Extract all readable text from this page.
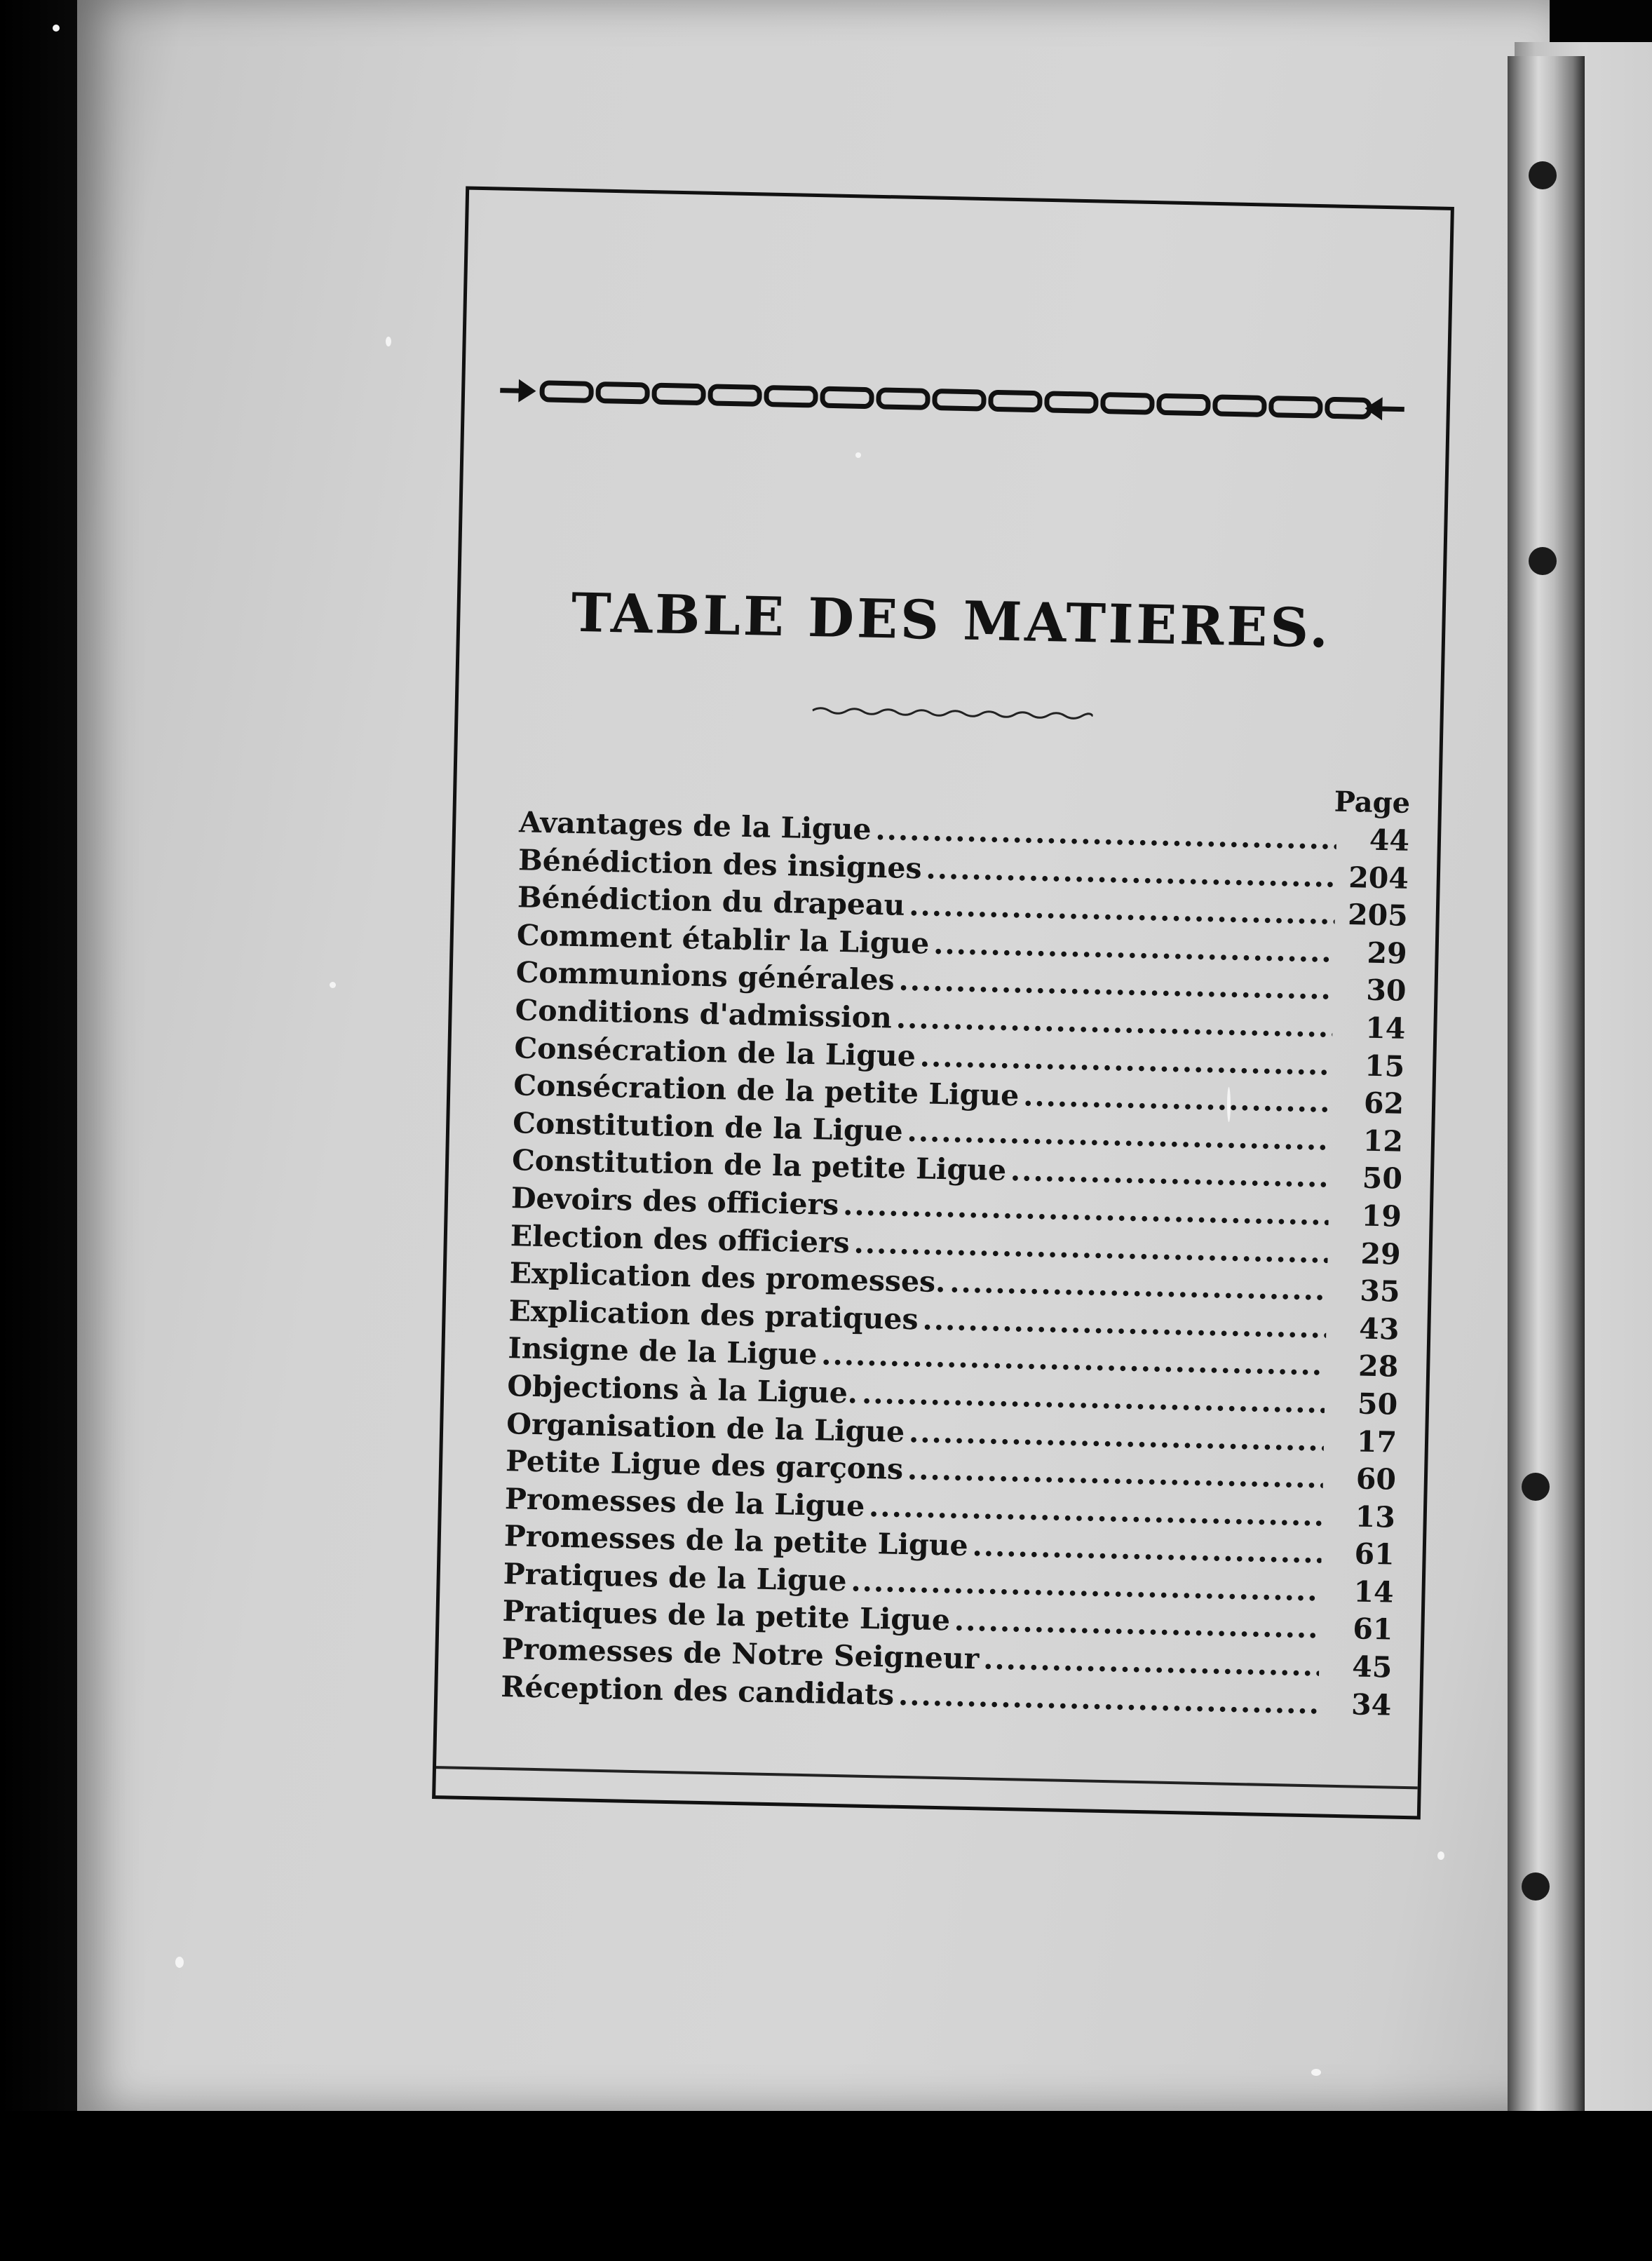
TABLE DES MATIERES.
Page
Avantages de la Ligue .....	44
Bénédiction des insignes .....	204
Bénédiction du drapeau .....	205
Comment établir la Ligue .....	29
Communions générales .....	30
Conditions d'admission .....	14
Consécration de la Ligue .....	15
Consécration de la petite Ligue .....	62
Constitution de la Ligue .....	12
Constitution de la petite Ligue .....	50
Devoirs des officiers .....	19
Election des officiers .....	29
Explication des promesses. .....	35
Explication des pratiques .....	43
Insigne de la Ligue .....	28
Objections à la Ligue. .....	50
Organisation de la Ligue .....	17
Petite Ligue des garçons .....	60
Promesses de la Ligue .....	13
Promesses de la petite Ligue .....	61
Pratiques de la Ligue .....	14
Pratiques de la petite Ligue .....	61
Promesses de Notre Seigneur .....	45
Réception des candidats .....	34
